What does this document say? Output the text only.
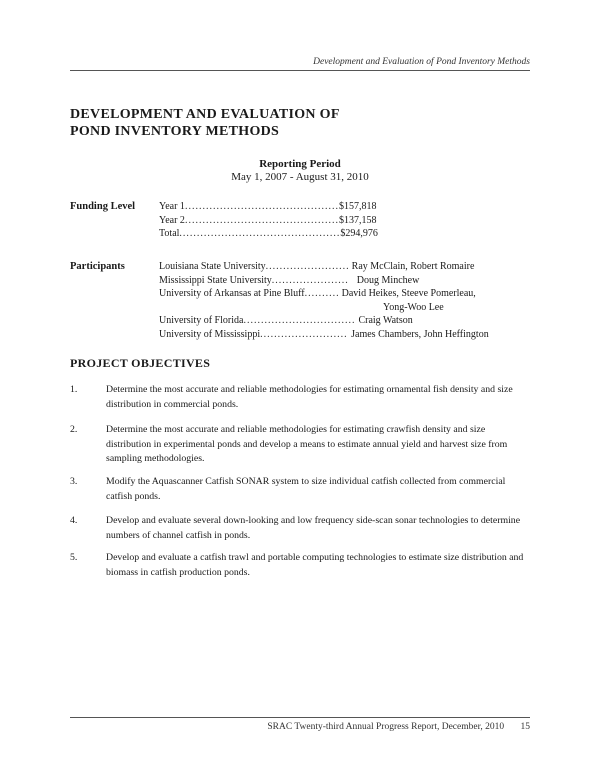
Development and Evaluation of Pond Inventory Methods
DEVELOPMENT AND EVALUATION OF
POND INVENTORY METHODS
Reporting Period
May 1, 2007 - August 31, 2010
Funding Level Year 1 .....	$157,818
Year 2 .....	$137,158
Total .....	$294,976
Participants	Louisiana State University .....	Ray McClain, Robert Romaire
Mississippi State University .....	Doug Minchew
University of Arkansas at Pine Bluff .....	David Heikes, Steeve Pomerleau,
Yong-Woo Lee
University of Florida .....	Craig Watson
University of Mississippi .....	James Chambers, John Heffington
PROJECT OBJECTIVES
1.	Determine the most accurate and reliable methodologies for estimating ornamental fish density and size distribution in commercial ponds.
2.	Determine the most accurate and reliable methodologies for estimating crawfish density and size distribution in experimental ponds and develop a means to estimate annual yield and harvest size from sampling methodologies.
3.	Modify the Aquascanner Catfish SONAR system to size individual catfish collected from commercial catfish ponds.
4.	Develop and evaluate several down-looking and low frequency side-scan sonar technologies to determine numbers of channel catfish in ponds.
5.	Develop and evaluate a catfish trawl and portable computing technologies to estimate size distribution and biomass in catfish production ponds.
SRAC Twenty-third Annual Progress Report, December, 2010 15
